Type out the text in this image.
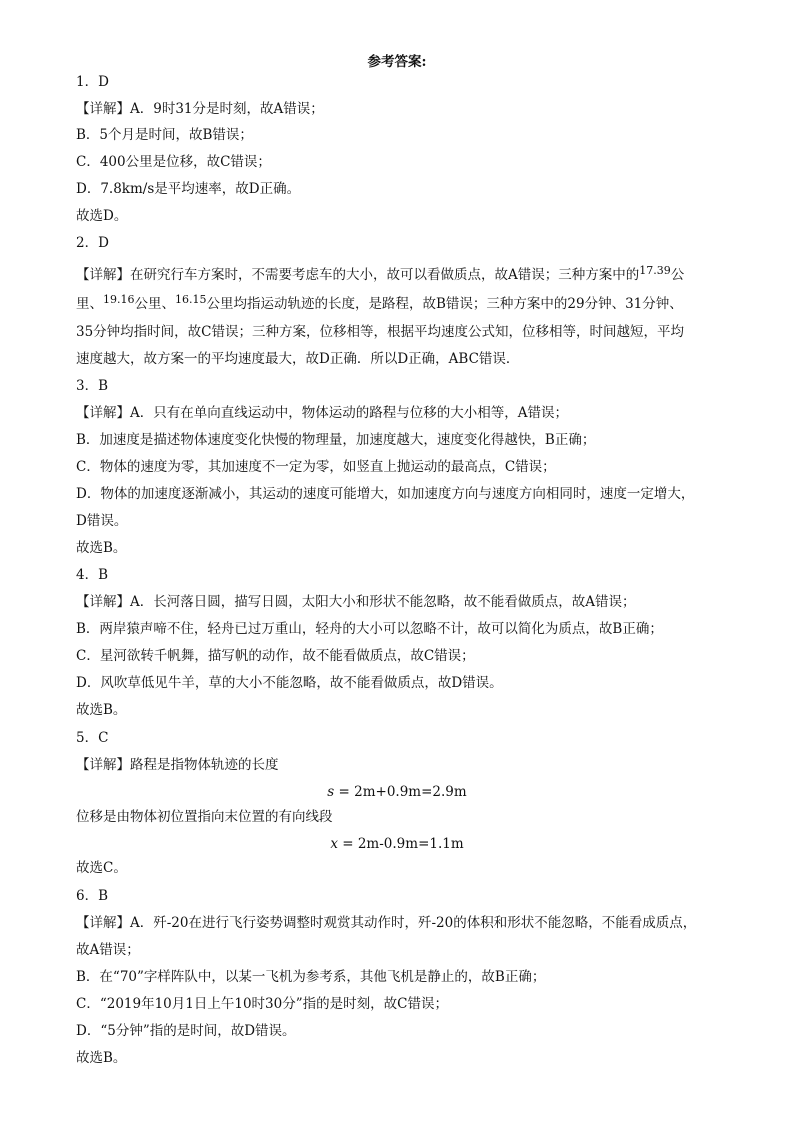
参考答案:
1．D
【详解】A．9时31分是时刻，故A错误；
B．5个月是时间，故B错误；
C．400公里是位移，故C错误；
D．7.8km/s是平均速率，故D正确。
故选D。
2．D
【详解】在研究行车方案时，不需要考虑车的大小，故可以看做质点，故A错误；三种方案中的$^{17.39}$公
里、$^{19.16}$公里、$^{16.15}$公里均指运动轨迹的长度，是路程，故B错误；三种方案中的29分钟、31分钟、
35分钟均指时间，故C错误；三种方案，位移相等，根据平均速度公式知，位移相等，时间越短，平均
速度越大，故方案一的平均速度最大，故D正确．所以D正确，ABC错误．
3．B
【详解】A．只有在单向直线运动中，物体运动的路程与位移的大小相等，A错误；
B．加速度是描述物体速度变化快慢的物理量，加速度越大，速度变化得越快，B正确；
C．物体的速度为零，其加速度不一定为零，如竖直上抛运动的最高点，C错误；
D．物体的加速度逐渐减小，其运动的速度可能增大，如加速度方向与速度方向相同时，速度一定增大，
D错误。
故选B。
4．B
【详解】A．长河落日圆，描写日圆，太阳大小和形状不能忽略，故不能看做质点，故A错误；
B．两岸猿声啼不住，轻舟已过万重山，轻舟的大小可以忽略不计，故可以简化为质点，故B正确；
C．星河欲转千帆舞，描写帆的动作，故不能看做质点，故C错误；
D．风吹草低见牛羊，草的大小不能忽略，故不能看做质点，故D错误。
故选B。
5．C
【详解】路程是指物体轨迹的长度
s = 2m+0.9m=2.9m
位移是由物体初位置指向末位置的有向线段
x = 2m-0.9m=1.1m
故选C。
6．B
【详解】A．歼-20在进行飞行姿势调整时观赏其动作时，歼-20的体积和形状不能忽略，不能看成质点，
故A错误；
B．在“70”字样阵队中，以某一飞机为参考系，其他飞机是静止的，故B正确；
C．“2019年10月1日上午10时30分”指的是时刻，故C错误；
D．“5分钟”指的是时间，故D错误。
故选B。
